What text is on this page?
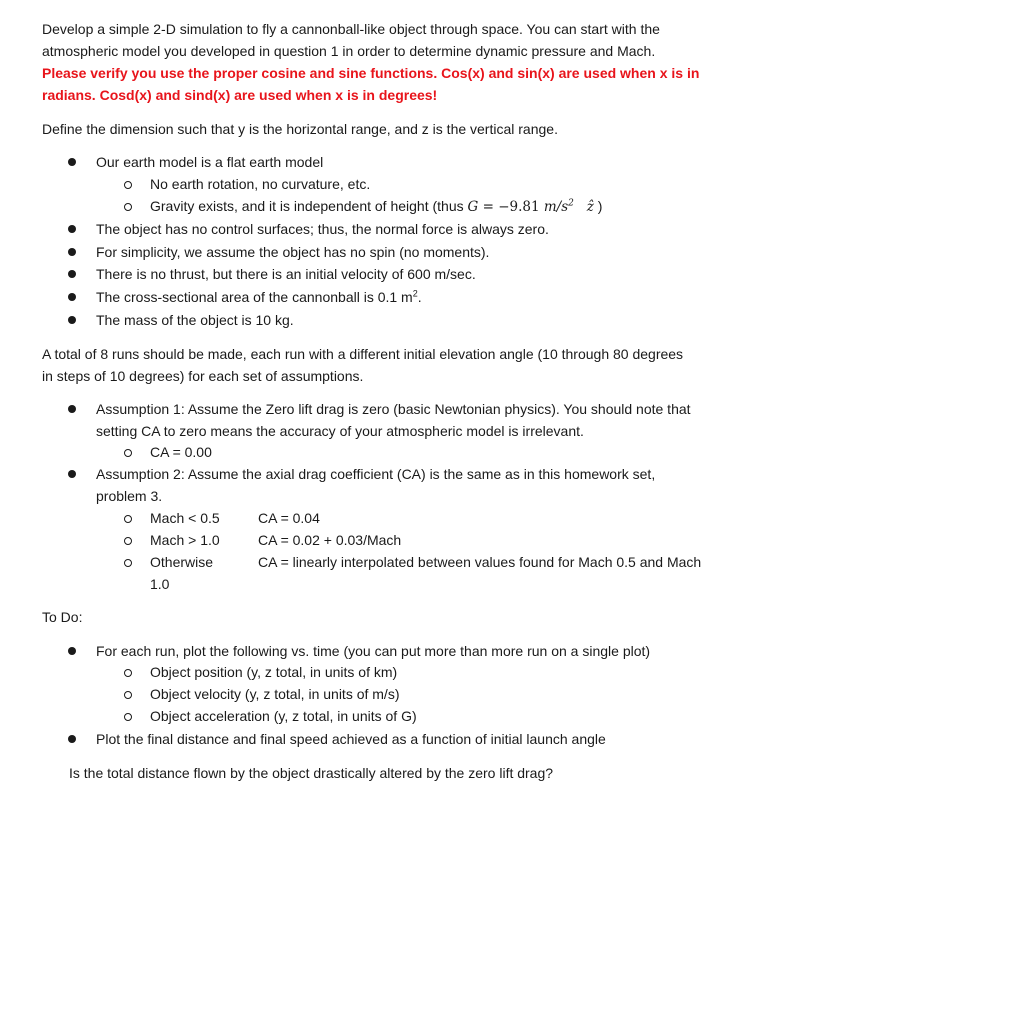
Develop a simple 2-D simulation to fly a cannonball-like object through space. You can start with the
atmospheric model you developed in question 1 in order to determine dynamic pressure and Mach.
Please verify you use the proper cosine and sine functions. Cos(x) and sin(x) are used when x is in
radians. Cosd(x) and sind(x) are used when x is in degrees!
Define the dimension such that y is the horizontal range, and z is the vertical range.
Our earth model is a flat earth model
No earth rotation, no curvature, etc.
Gravity exists, and it is independent of height (thus G = −9.81 $m/s^2$ ẑ )
The object has no control surfaces; thus, the normal force is always zero.
For simplicity, we assume the object has no spin (no moments).
There is no thrust, but there is an initial velocity of 600 m/sec.
The cross-sectional area of the cannonball is 0.1 $m^2$.
The mass of the object is 10 kg.
A total of 8 runs should be made, each run with a different initial elevation angle (10 through 80 degrees
in steps of 10 degrees) for each set of assumptions.
Assumption 1: Assume the Zero lift drag is zero (basic Newtonian physics). You should note that
setting CA to zero means the accuracy of your atmospheric model is irrelevant.
CA = 0.00
Assumption 2: Assume the axial drag coefficient (CA) is the same as in this homework set,
problem 3.
Mach < 0.5	CA = 0.04
Mach > 1.0	CA = 0.02 + 0.03/Mach
Otherwise	CA = linearly interpolated between values found for Mach 0.5 and Mach
1.0
To Do:
For each run, plot the following vs. time (you can put more than more run on a single plot)
Object position (y, z total, in units of km)
Object velocity (y, z total, in units of m/s)
Object acceleration (y, z total, in units of G)
Plot the final distance and final speed achieved as a function of initial launch angle
Is the total distance flown by the object drastically altered by the zero lift drag?
